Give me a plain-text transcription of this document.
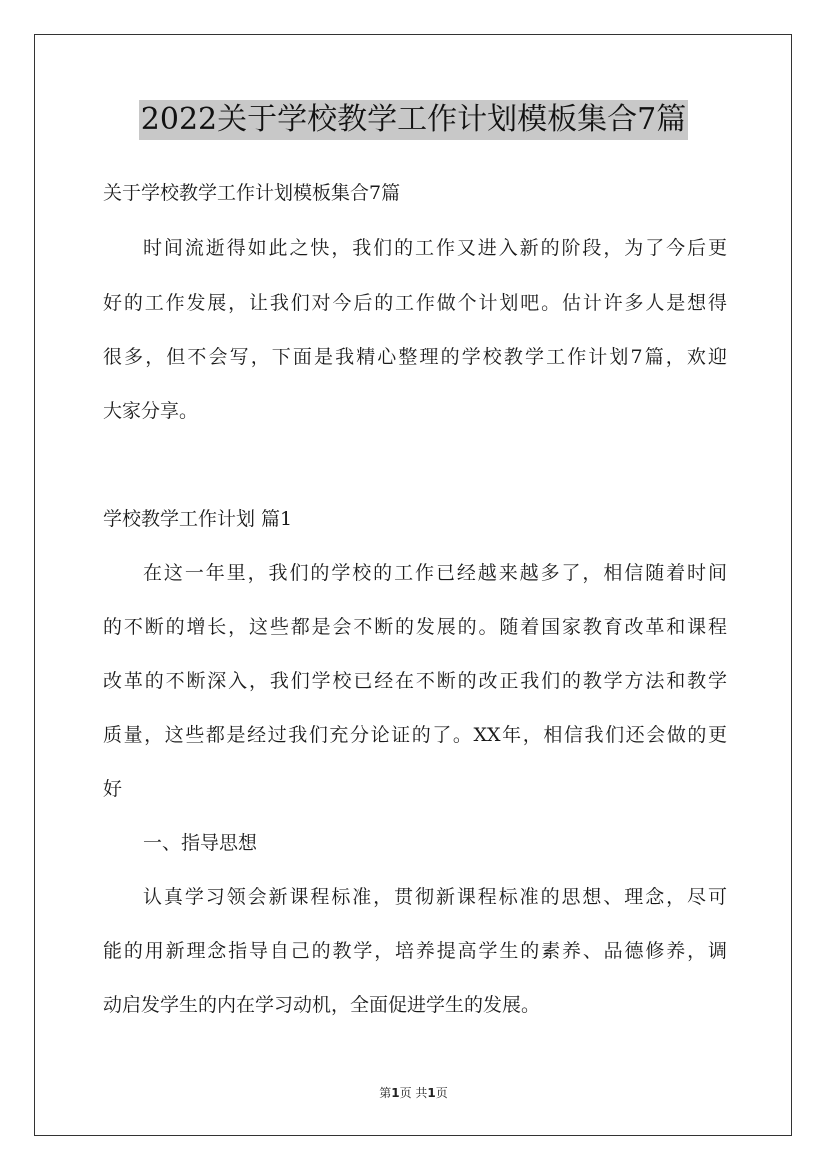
2022关于学校教学工作计划模板集合7篇
关于学校教学工作计划模板集合7篇
时间流逝得如此之快，我们的工作又进入新的阶段，为了今后更
好的工作发展，让我们对今后的工作做个计划吧。估计许多人是想得
很多，但不会写，下面是我精心整理的学校教学工作计划7篇，欢迎
大家分享。
学校教学工作计划 篇1
在这一年里，我们的学校的工作已经越来越多了，相信随着时间
的不断的增长，这些都是会不断的发展的。随着国家教育改革和课程
改革的不断深入，我们学校已经在不断的改正我们的教学方法和教学
质量，这些都是经过我们充分论证的了。XX年，相信我们还会做的更
好
一、指导思想
认真学习领会新课程标准，贯彻新课程标准的思想、理念，尽可
能的用新理念指导自己的教学，培养提高学生的素养、品德修养，调
动启发学生的内在学习动机，全面促进学生的发展。
第1页 共1页
